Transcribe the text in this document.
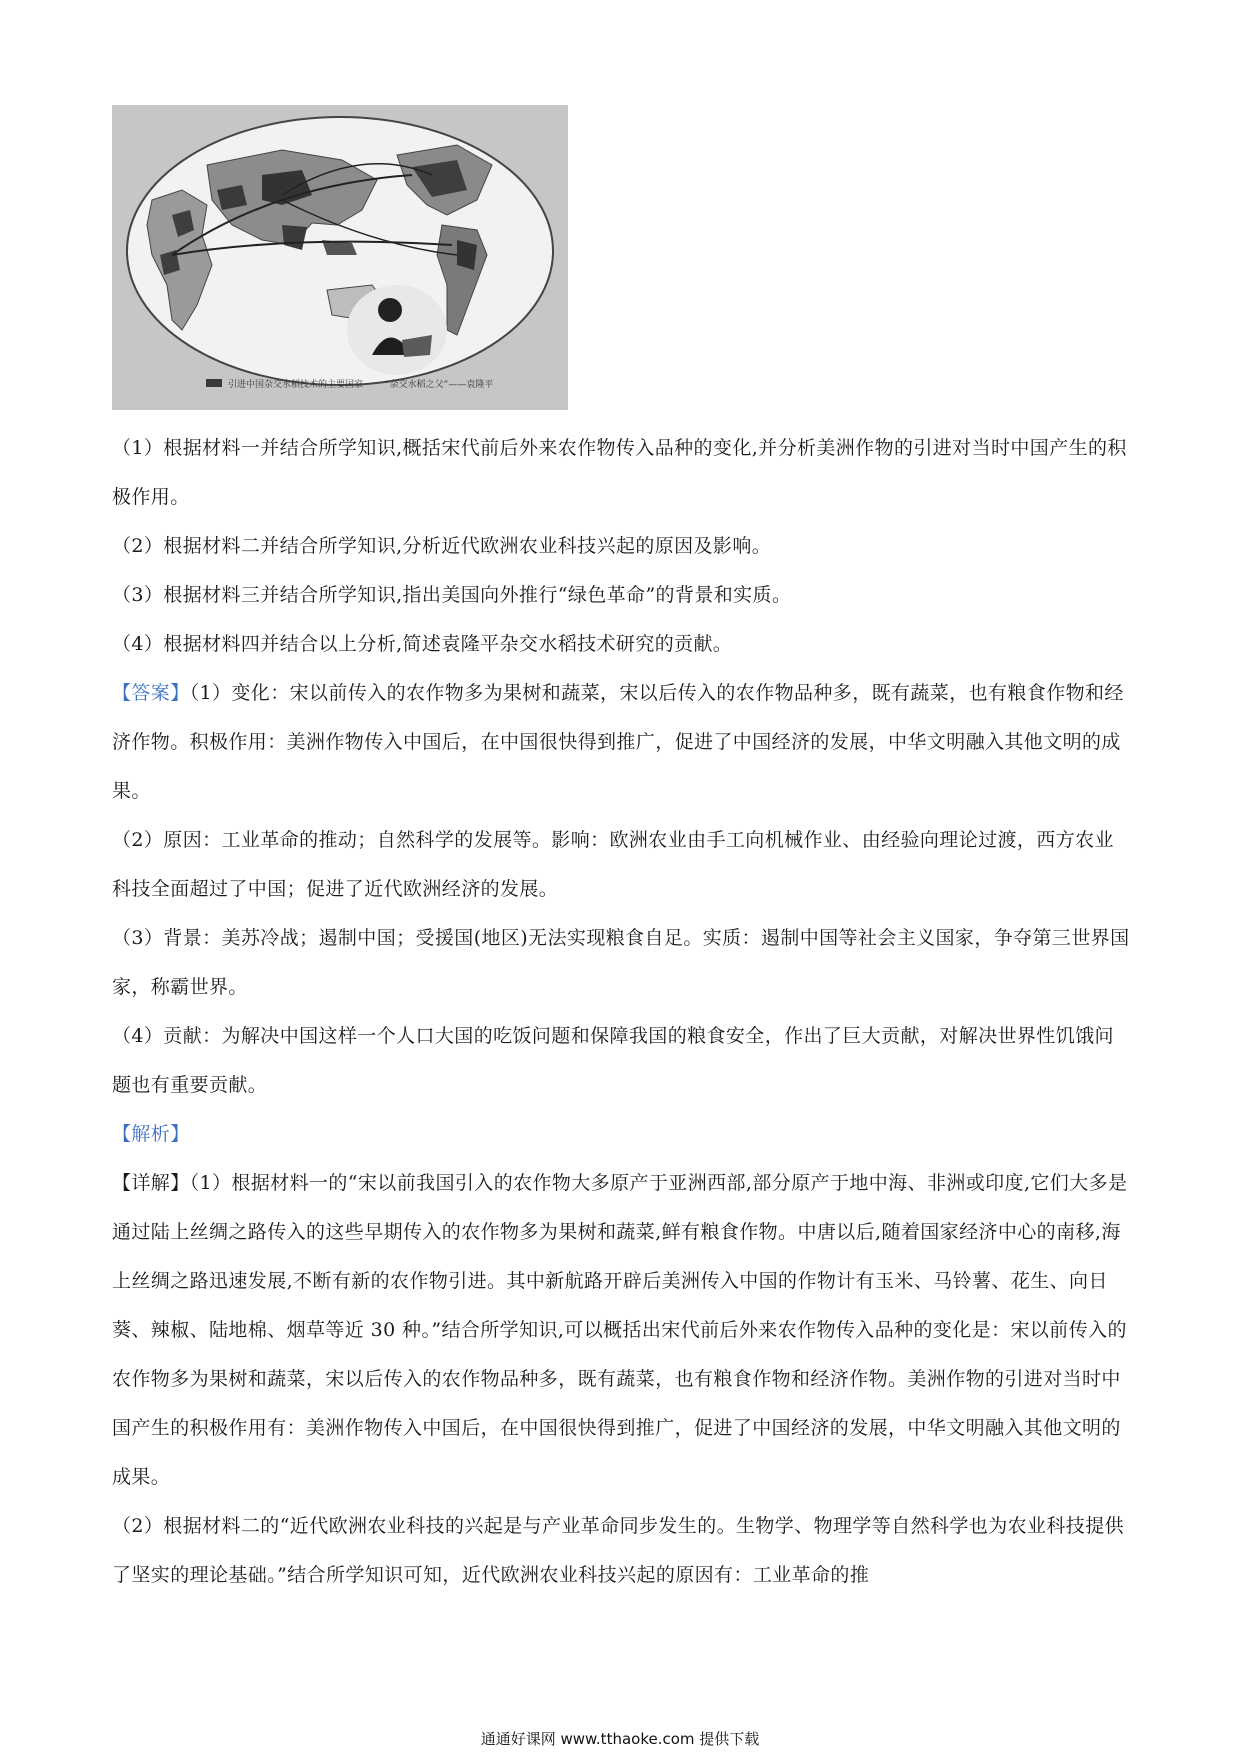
引进中国杂交水稻技术的主要国家 “杂交水稻之父”——袁隆平

（1）根据材料一并结合所学知识,概括宋代前后外来农作物传入品种的变化,并分析美洲作物的引进对当时中国产生的积极作用。

（2）根据材料二并结合所学知识,分析近代欧洲农业科技兴起的原因及影响。

（3）根据材料三并结合所学知识,指出美国向外推行“绿色革命”的背景和实质。

（4）根据材料四并结合以上分析,简述袁隆平杂交水稻技术研究的贡献。

【答案】（1）变化：宋以前传入的农作物多为果树和蔬菜，宋以后传入的农作物品种多，既有蔬菜，也有粮食作物和经济作物。积极作用：美洲作物传入中国后，在中国很快得到推广，促进了中国经济的发展，中华文明融入其他文明的成果。

（2）原因：工业革命的推动；自然科学的发展等。影响：欧洲农业由手工向机械作业、由经验向理论过渡，西方农业科技全面超过了中国；促进了近代欧洲经济的发展。

（3）背景：美苏冷战；遏制中国；受援国(地区)无法实现粮食自足。实质：遏制中国等社会主义国家，争夺第三世界国家，称霸世界。

（4）贡献：为解决中国这样一个人口大国的吃饭问题和保障我国的粮食安全，作出了巨大贡献，对解决世界性饥饿问题也有重要贡献。

【解析】

【详解】（1）根据材料一的“宋以前我国引入的农作物大多原产于亚洲西部,部分原产于地中海、非洲或印度,它们大多是通过陆上丝绸之路传入的这些早期传入的农作物多为果树和蔬菜,鲜有粮食作物。中唐以后,随着国家经济中心的南移,海上丝绸之路迅速发展,不断有新的农作物引进。其中新航路开辟后美洲传入中国的作物计有玉米、马铃薯、花生、向日葵、辣椒、陆地棉、烟草等近 30 种。”结合所学知识,可以概括出宋代前后外来农作物传入品种的变化是：宋以前传入的农作物多为果树和蔬菜，宋以后传入的农作物品种多，既有蔬菜，也有粮食作物和经济作物。美洲作物的引进对当时中国产生的积极作用有：美洲作物传入中国后，在中国很快得到推广，促进了中国经济的发展，中华文明融入其他文明的成果。

（2）根据材料二的“近代欧洲农业科技的兴起是与产业革命同步发生的。生物学、物理学等自然科学也为农业科技提供了坚实的理论基础。”结合所学知识可知，近代欧洲农业科技兴起的原因有：工业革命的推

通通好课网 www.tthaoke.com 提供下载
